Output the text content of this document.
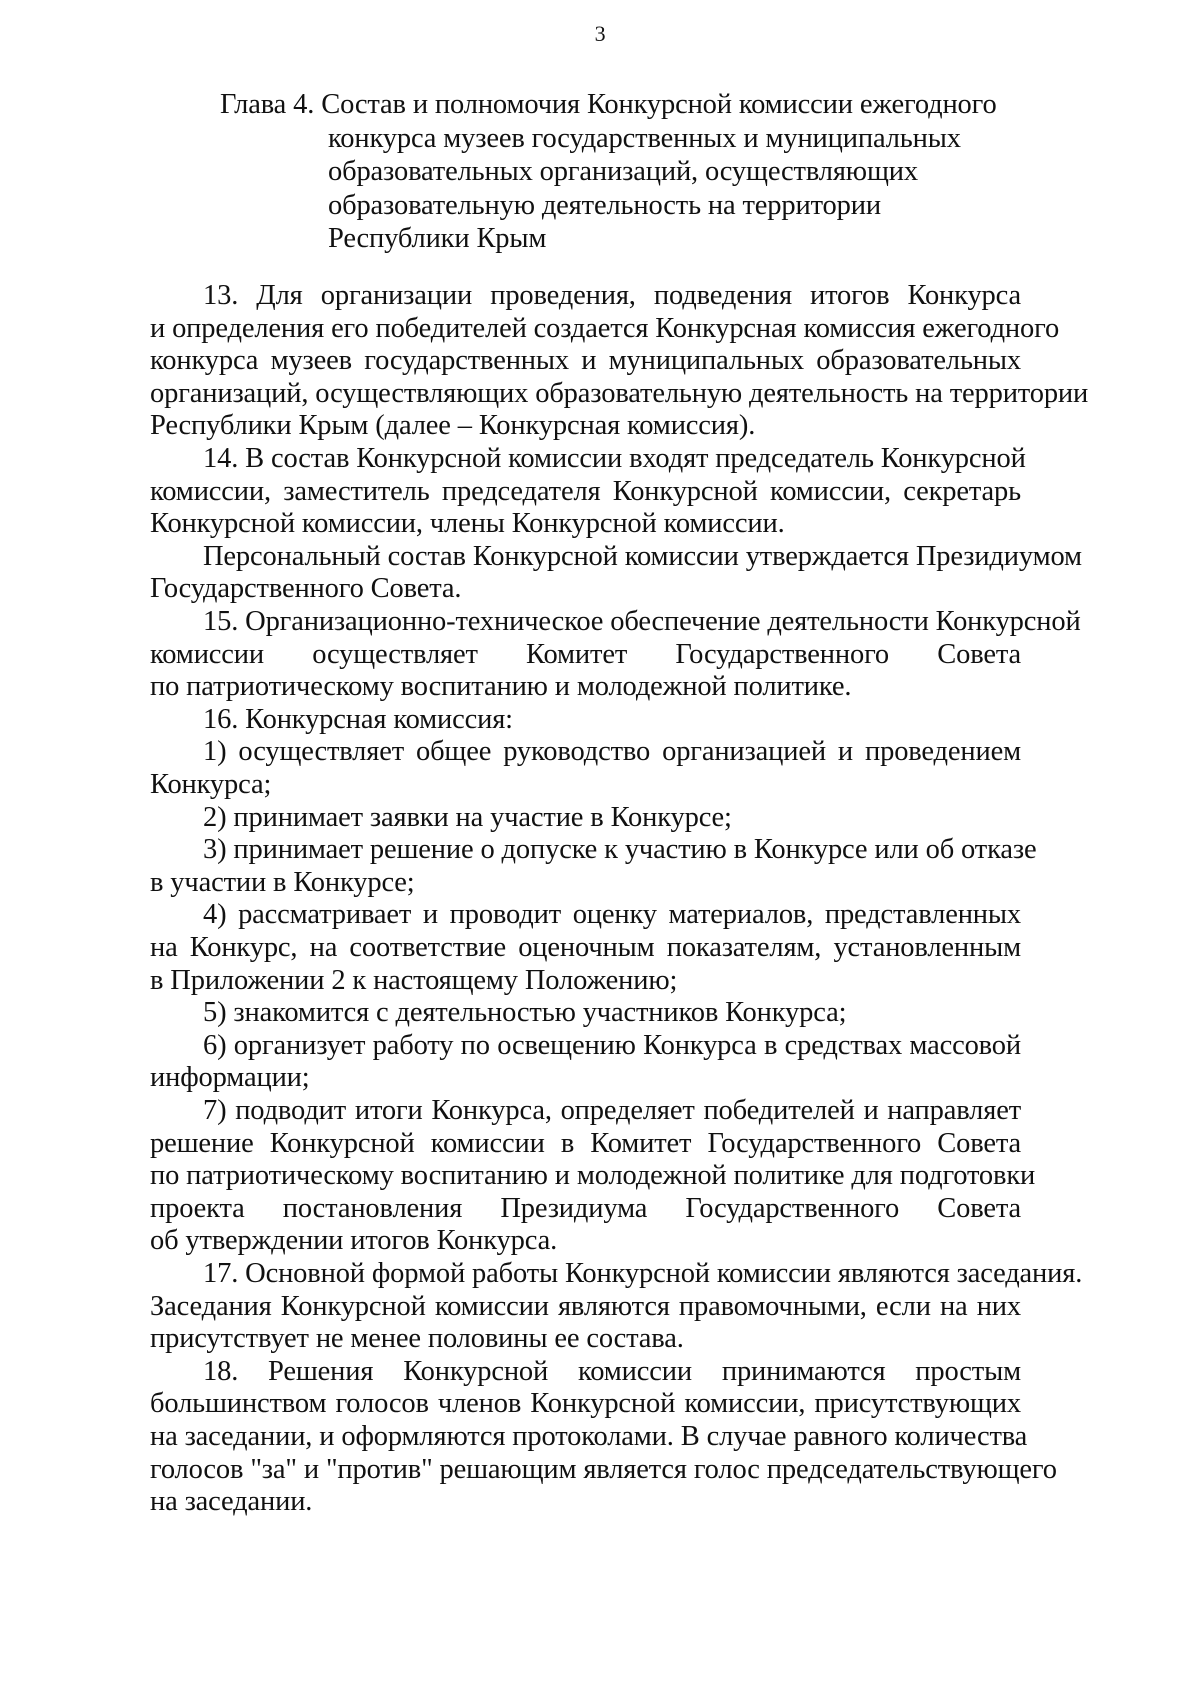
3
Глава 4. Состав и полномочия Конкурсной комиссии ежегодного
конкурса музеев государственных и муниципальных
образовательных организаций, осуществляющих
образовательную деятельность на территории
Республики Крым
13. Для организации проведения, подведения итогов Конкурса
и определения его победителей создается Конкурсная комиссия ежегодного
конкурса музеев государственных и муниципальных образовательных
организаций, осуществляющих образовательную деятельность на территории
Республики Крым (далее – Конкурсная комиссия).
14. В состав Конкурсной комиссии входят председатель Конкурсной
комиссии, заместитель председателя Конкурсной комиссии, секретарь
Конкурсной комиссии, члены Конкурсной комиссии.
Персональный состав Конкурсной комиссии утверждается Президиумом
Государственного Совета.
15. Организационно-техническое обеспечение деятельности Конкурсной
комиссии осуществляет Комитет Государственного Совета
по патриотическому воспитанию и молодежной политике.
16. Конкурсная комиссия:
1) осуществляет общее руководство организацией и проведением
Конкурса;
2) принимает заявки на участие в Конкурсе;
3) принимает решение о допуске к участию в Конкурсе или об отказе
в участии в Конкурсе;
4) рассматривает и проводит оценку материалов, представленных
на Конкурс, на соответствие оценочным показателям, установленным
в Приложении 2 к настоящему Положению;
5) знакомится с деятельностью участников Конкурса;
6) организует работу по освещению Конкурса в средствах массовой
информации;
7) подводит итоги Конкурса, определяет победителей и направляет
решение Конкурсной комиссии в Комитет Государственного Совета
по патриотическому воспитанию и молодежной политике для подготовки
проекта постановления Президиума Государственного Совета
об утверждении итогов Конкурса.
17. Основной формой работы Конкурсной комиссии являются заседания.
Заседания Конкурсной комиссии являются правомочными, если на них
присутствует не менее половины ее состава.
18. Решения Конкурсной комиссии принимаются простым
большинством голосов членов Конкурсной комиссии, присутствующих
на заседании, и оформляются протоколами. В случае равного количества
голосов "за" и "против" решающим является голос председательствующего
на заседании.
